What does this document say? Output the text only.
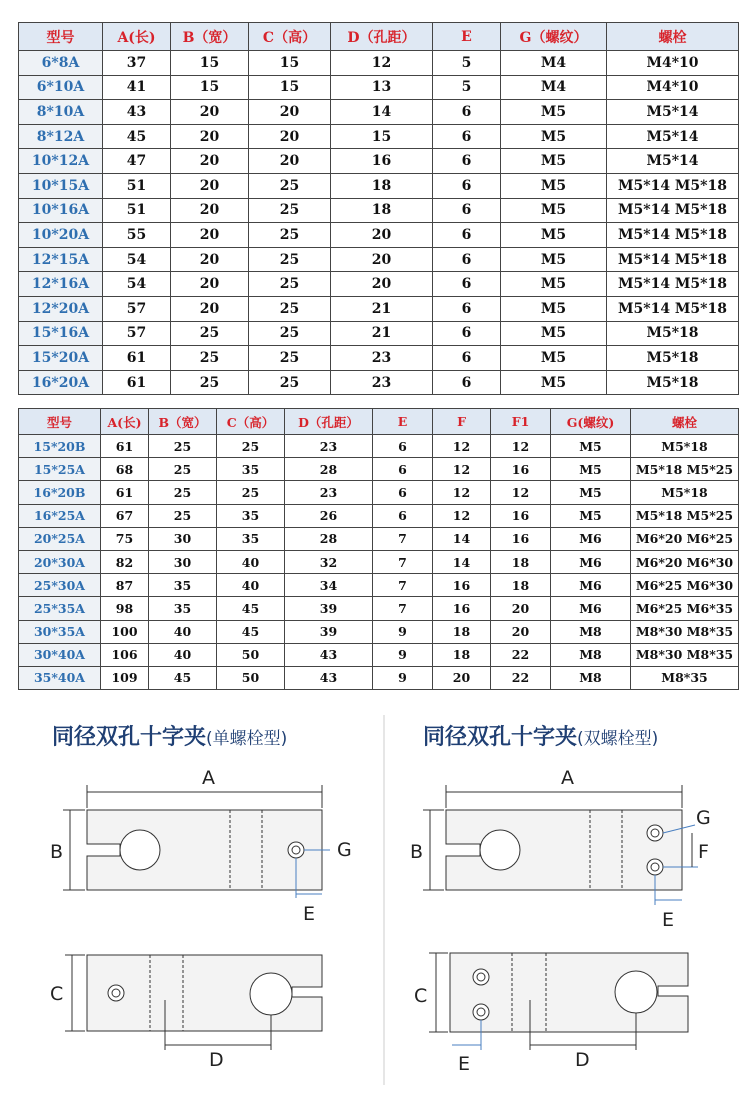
型号	A(长)	B（宽）	C（高）	D（孔距）	E	G（螺纹）	螺栓
6*8A	37	15	15	12	5	M4	M4*10
6*10A	41	15	15	13	5	M4	M4*10
8*10A	43	20	20	14	6	M5	M5*14
8*12A	45	20	20	15	6	M5	M5*14
10*12A	47	20	20	16	6	M5	M5*14
10*15A	51	20	25	18	6	M5	M5*14 M5*18
10*16A	51	20	25	18	6	M5	M5*14 M5*18
10*20A	55	20	25	20	6	M5	M5*14 M5*18
12*15A	54	20	25	20	6	M5	M5*14 M5*18
12*16A	54	20	25	20	6	M5	M5*14 M5*18
12*20A	57	20	25	21	6	M5	M5*14 M5*18
15*16A	57	25	25	21	6	M5	M5*18
15*20A	61	25	25	23	6	M5	M5*18
16*20A	61	25	25	23	6	M5	M5*18
型号	A(长)	B（宽）	C（高）	D（孔距）	E	F	F1	G(螺纹)	螺栓
15*20B	61	25	25	23	6	12	12	M5	M5*18
15*25A	68	25	35	28	6	12	16	M5	M5*18 M5*25
16*20B	61	25	25	23	6	12	12	M5	M5*18
16*25A	67	25	35	26	6	12	16	M5	M5*18 M5*25
20*25A	75	30	35	28	7	14	16	M6	M6*20 M6*25
20*30A	82	30	40	32	7	14	18	M6	M6*20 M6*30
25*30A	87	35	40	34	7	16	18	M6	M6*25 M6*30
25*35A	98	35	45	39	7	16	20	M6	M6*25 M6*35
30*35A	100	40	45	39	9	18	20	M8	M8*30 M8*35
30*40A	106	40	50	43	9	18	22	M8	M8*30 M8*35
35*40A	109	45	50	43	9	20	22	M8	M8*35
同径双孔十字夹(单螺栓型)	同径双孔十字夹(双螺栓型)
A
B	G
E
C
D
A
B
G
F
E
C
E	D
